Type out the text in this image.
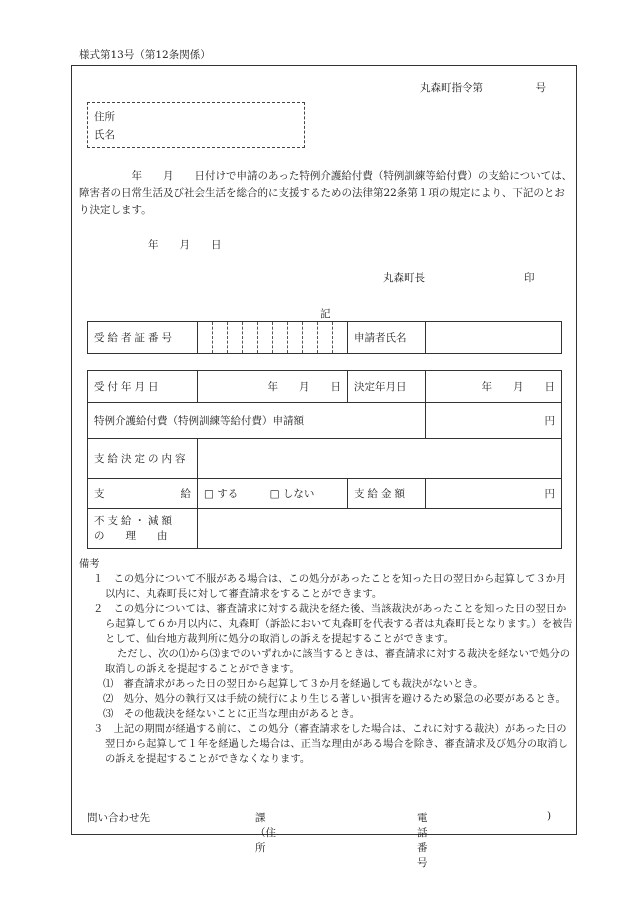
様式第13号（第12条関係）
丸森町指令第　　　　　号
住所
氏名
　　　　　年　　月　　日付けで申請のあった特例介護給付費（特例訓練等給付費）の支給については、障害者の日常生活及び社会生活を総合的に支援するための法律第22条第１項の規定により、下記のとおり決定します。
年　　月　　日
丸森町長	印
記
受給者証番号		申請者氏名	
受付年月日	年　　月　　日	決定年月日	年　　月　　日
特例介護給付費（特例訓練等給付費）申請額			円
支給決定の内容			
支 給	□ する □ しない	支給金額	円

不支給・減額
の　　理　　由			

備考
１　この処分について不服がある場合は、この処分があったことを知った日の翌日から起算して３か月以内に、丸森町長に対して審査請求をすることができます。
２　この処分については、審査請求に対する裁決を経た後、当該裁決があったことを知った日の翌日から起算して６か月以内に、丸森町（訴訟において丸森町を代表する者は丸森町長となります。）を被告として、仙台地方裁判所に処分の取消しの訴えを提起することができます。
ただし、次の⑴から⑶までのいずれかに該当するときは、審査請求に対する裁決を経ないで処分の取消しの訴えを提起することができます。
⑴　審査請求があった日の翌日から起算して３か月を経過しても裁決がないとき。
⑵　処分、処分の執行又は手続の続行により生じる著しい損害を避けるため緊急の必要があるとき。
⑶　その他裁決を経ないことに正当な理由があるとき。
３　上記の期間が経過する前に、この処分（審査請求をした場合は、これに対する裁決）があった日の翌日から起算して１年を経過した場合は、正当な理由がある場合を除き、審査請求及び処分の取消しの訴えを提起することができなくなります。
問い合わせ先	課（住所
電話番号
)
